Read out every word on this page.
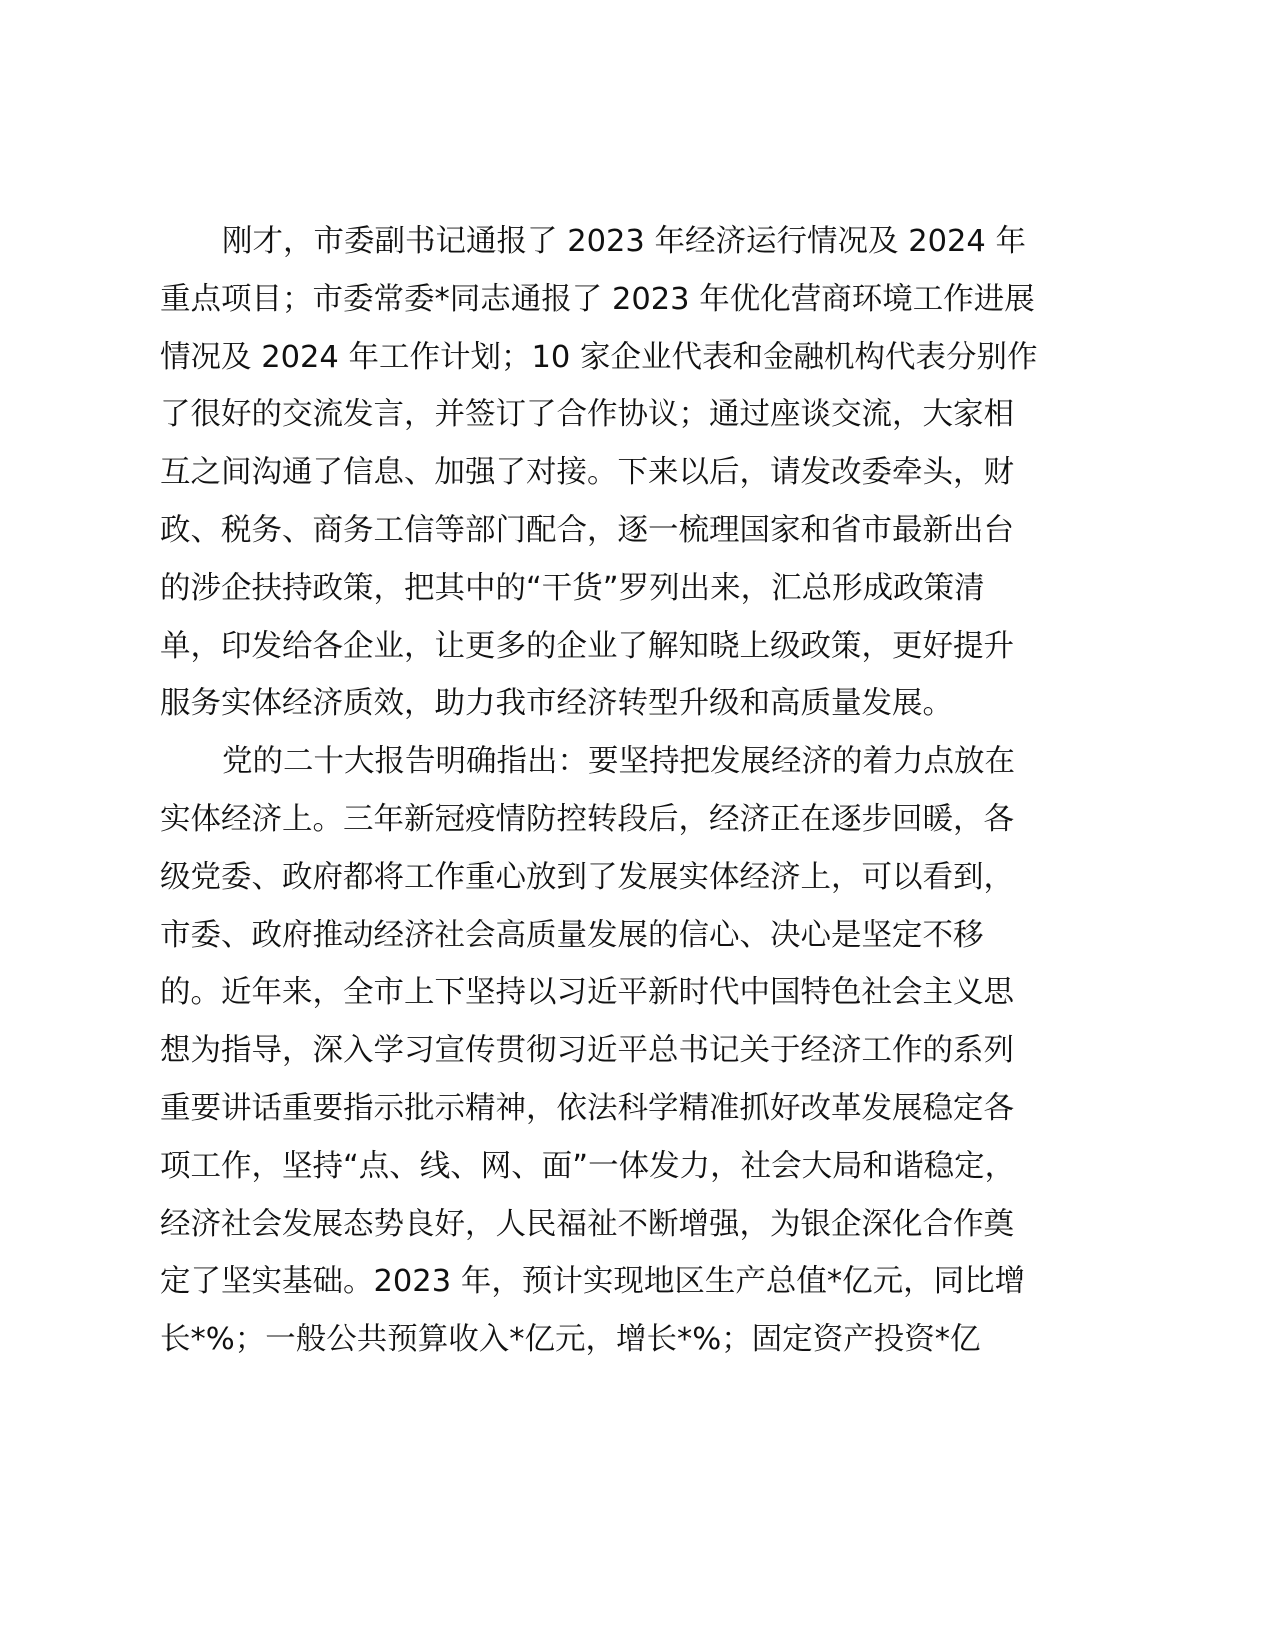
刚才，市委副书记通报了 2023 年经济运行情况及 2024 年
重点项目；市委常委*同志通报了 2023 年优化营商环境工作进展
情况及 2024 年工作计划；10 家企业代表和金融机构代表分别作
了很好的交流发言，并签订了合作协议；通过座谈交流，大家相
互之间沟通了信息、加强了对接。下来以后，请发改委牵头，财
政、税务、商务工信等部门配合，逐一梳理国家和省市最新出台
的涉企扶持政策，把其中的“干货”罗列出来，汇总形成政策清
单，印发给各企业，让更多的企业了解知晓上级政策，更好提升
服务实体经济质效，助力我市经济转型升级和高质量发展。
党的二十大报告明确指出：要坚持把发展经济的着力点放在
实体经济上。三年新冠疫情防控转段后，经济正在逐步回暖，各
级党委、政府都将工作重心放到了发展实体经济上，可以看到，
市委、政府推动经济社会高质量发展的信心、决心是坚定不移
的。近年来，全市上下坚持以习近平新时代中国特色社会主义思
想为指导，深入学习宣传贯彻习近平总书记关于经济工作的系列
重要讲话重要指示批示精神，依法科学精准抓好改革发展稳定各
项工作，坚持“点、线、网、面”一体发力，社会大局和谐稳定，
经济社会发展态势良好，人民福祉不断增强，为银企深化合作奠
定了坚实基础。2023 年，预计实现地区生产总值*亿元，同比增
长*%；一般公共预算收入*亿元，增长*%；固定资产投资*亿
